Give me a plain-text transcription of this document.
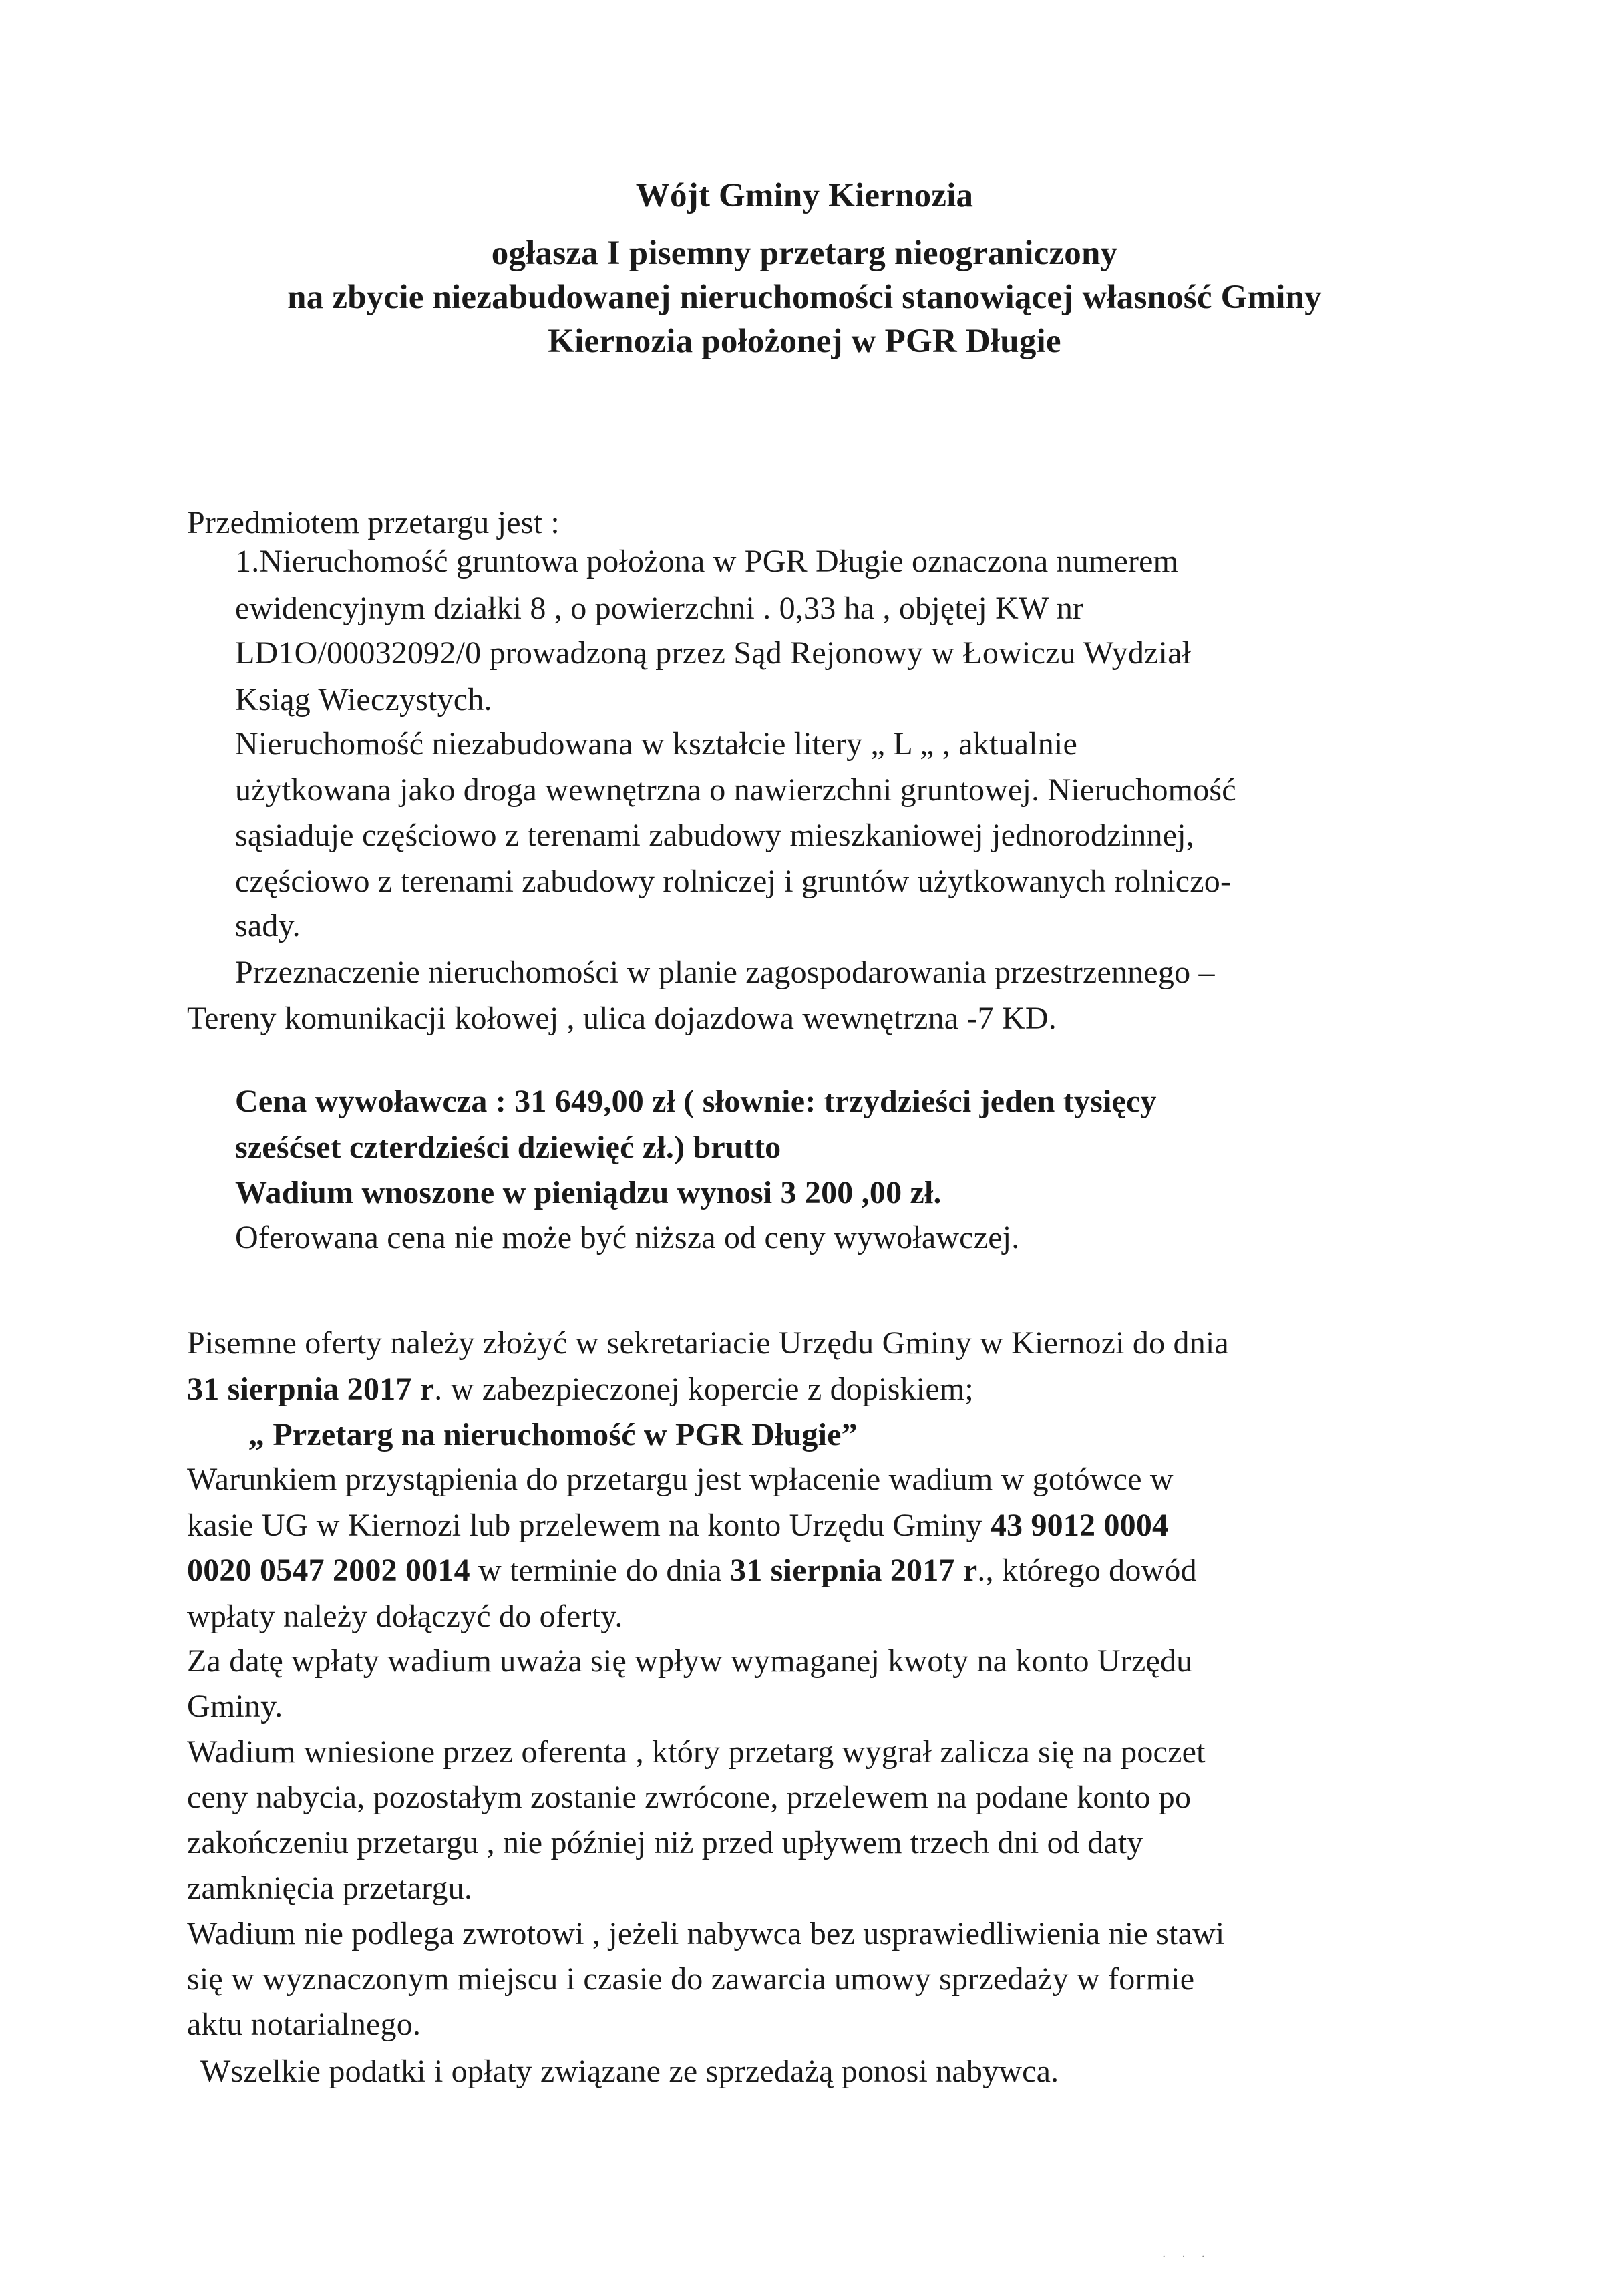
Wójt Gminy Kiernozia

ogłasza I pisemny przetarg nieograniczony

na zbycie niezabudowanej nieruchomości stanowiącej własność Gminy

Kiernozia położonej w PGR Długie

Przedmiotem przetargu jest :

1.Nieruchomość gruntowa położona w PGR Długie oznaczona numerem

ewidencyjnym działki 8 , o powierzchni . 0,33 ha , objętej KW nr

LD1O/00032092/0 prowadzoną przez Sąd Rejonowy w Łowiczu Wydział

Ksiąg Wieczystych.

Nieruchomość niezabudowana w kształcie litery „ L „ , aktualnie

użytkowana jako droga wewnętrzna o nawierzchni gruntowej. Nieruchomość

sąsiaduje częściowo z terenami zabudowy mieszkaniowej jednorodzinnej,

częściowo z terenami zabudowy rolniczej i gruntów użytkowanych rolniczo-

sady.

Przeznaczenie nieruchomości w planie zagospodarowania przestrzennego –

Tereny komunikacji kołowej , ulica dojazdowa wewnętrzna -7 KD.

Cena wywoławcza : 31 649,00 zł ( słownie: trzydzieści jeden tysięcy

sześćset czterdzieści dziewięć zł.) brutto

Wadium wnoszone w pieniądzu wynosi 3 200 ,00 zł.

Oferowana cena nie może być niższa od ceny wywoławczej.

Pisemne oferty należy złożyć w sekretariacie Urzędu Gminy w Kiernozi do dnia

31 sierpnia 2017 r. w zabezpieczonej kopercie z dopiskiem;

„ Przetarg na nieruchomość w PGR Długie”

Warunkiem przystąpienia do przetargu jest wpłacenie wadium w gotówce w

kasie UG w Kiernozi lub przelewem na konto Urzędu Gminy 43 9012 0004

0020 0547 2002 0014 w terminie do dnia 31 sierpnia 2017 r., którego dowód

wpłaty należy dołączyć do oferty.

Za datę wpłaty wadium uważa się wpływ wymaganej kwoty na konto Urzędu

Gminy.

Wadium wniesione przez oferenta , który przetarg wygrał zalicza się na poczet

ceny nabycia, pozostałym zostanie zwrócone, przelewem na podane konto po

zakończeniu przetargu , nie później niż przed upływem trzech dni od daty

zamknięcia przetargu.

Wadium nie podlega zwrotowi , jeżeli nabywca bez usprawiedliwienia nie stawi

się w wyznaczonym miejscu i czasie do zawarcia umowy sprzedaży w formie

aktu notarialnego.

Wszelkie podatki i opłaty związane ze sprzedażą ponosi nabywca.

· · ·
